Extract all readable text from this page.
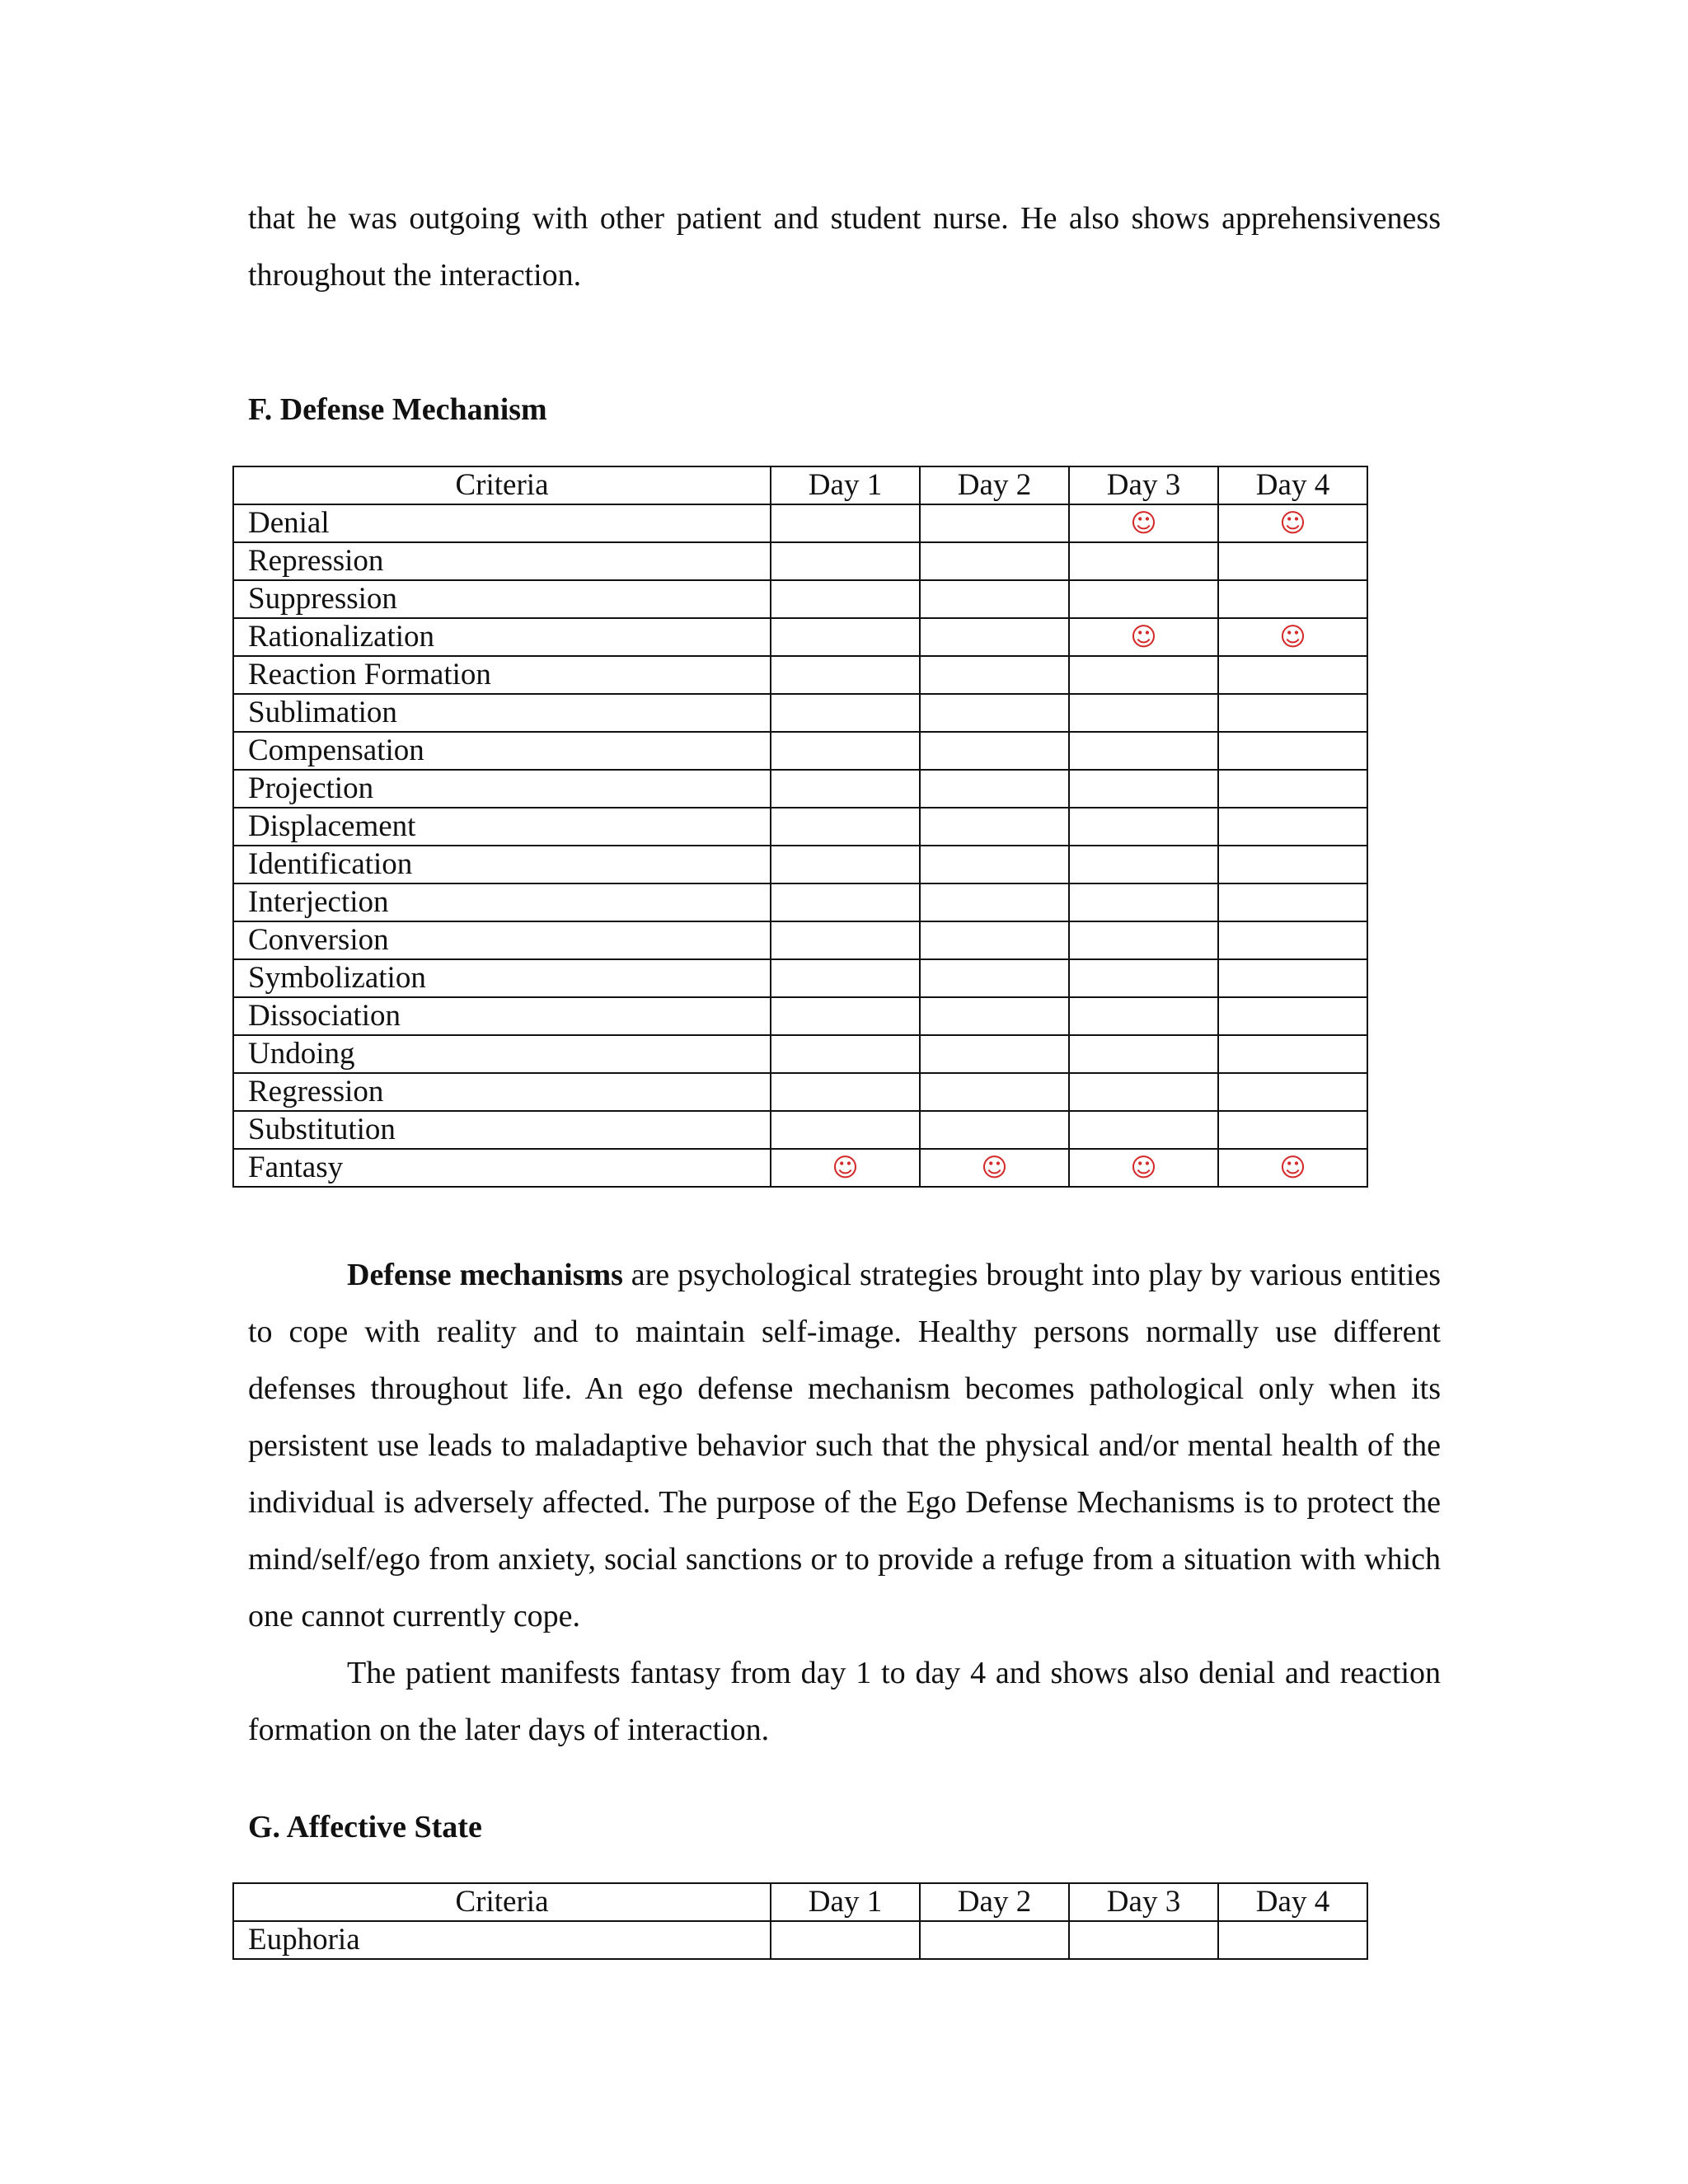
that he was outgoing with other patient and student nurse. He also shows apprehensiveness throughout the interaction.

F. Defense Mechanism
Criteria	Day 1	Day 2	Day 3	Day 4
Denial			☺	☺
Repression				
Suppression				
Rationalization			☺	☺
Reaction Formation				
Sublimation				
Compensation				
Projection				
Displacement				
Identification				
Interjection				
Conversion				
Symbolization				
Dissociation				
Undoing				
Regression				
Substitution				
Fantasy	☺	☺	☺	☺

Defense mechanisms are psychological strategies brought into play by various entities to cope with reality and to maintain self-image. Healthy persons normally use different defenses throughout life. An ego defense mechanism becomes pathological only when its persistent use leads to maladaptive behavior such that the physical and/or mental health of the individual is adversely affected. The purpose of the Ego Defense Mechanisms is to protect the mind/self/ego from anxiety, social sanctions or to provide a refuge from a situation with which one cannot currently cope.

The patient manifests fantasy from day 1 to day 4 and shows also denial and reaction formation on the later days of interaction.

G. Affective State
Criteria	Day 1	Day 2	Day 3	Day 4
Euphoria				
